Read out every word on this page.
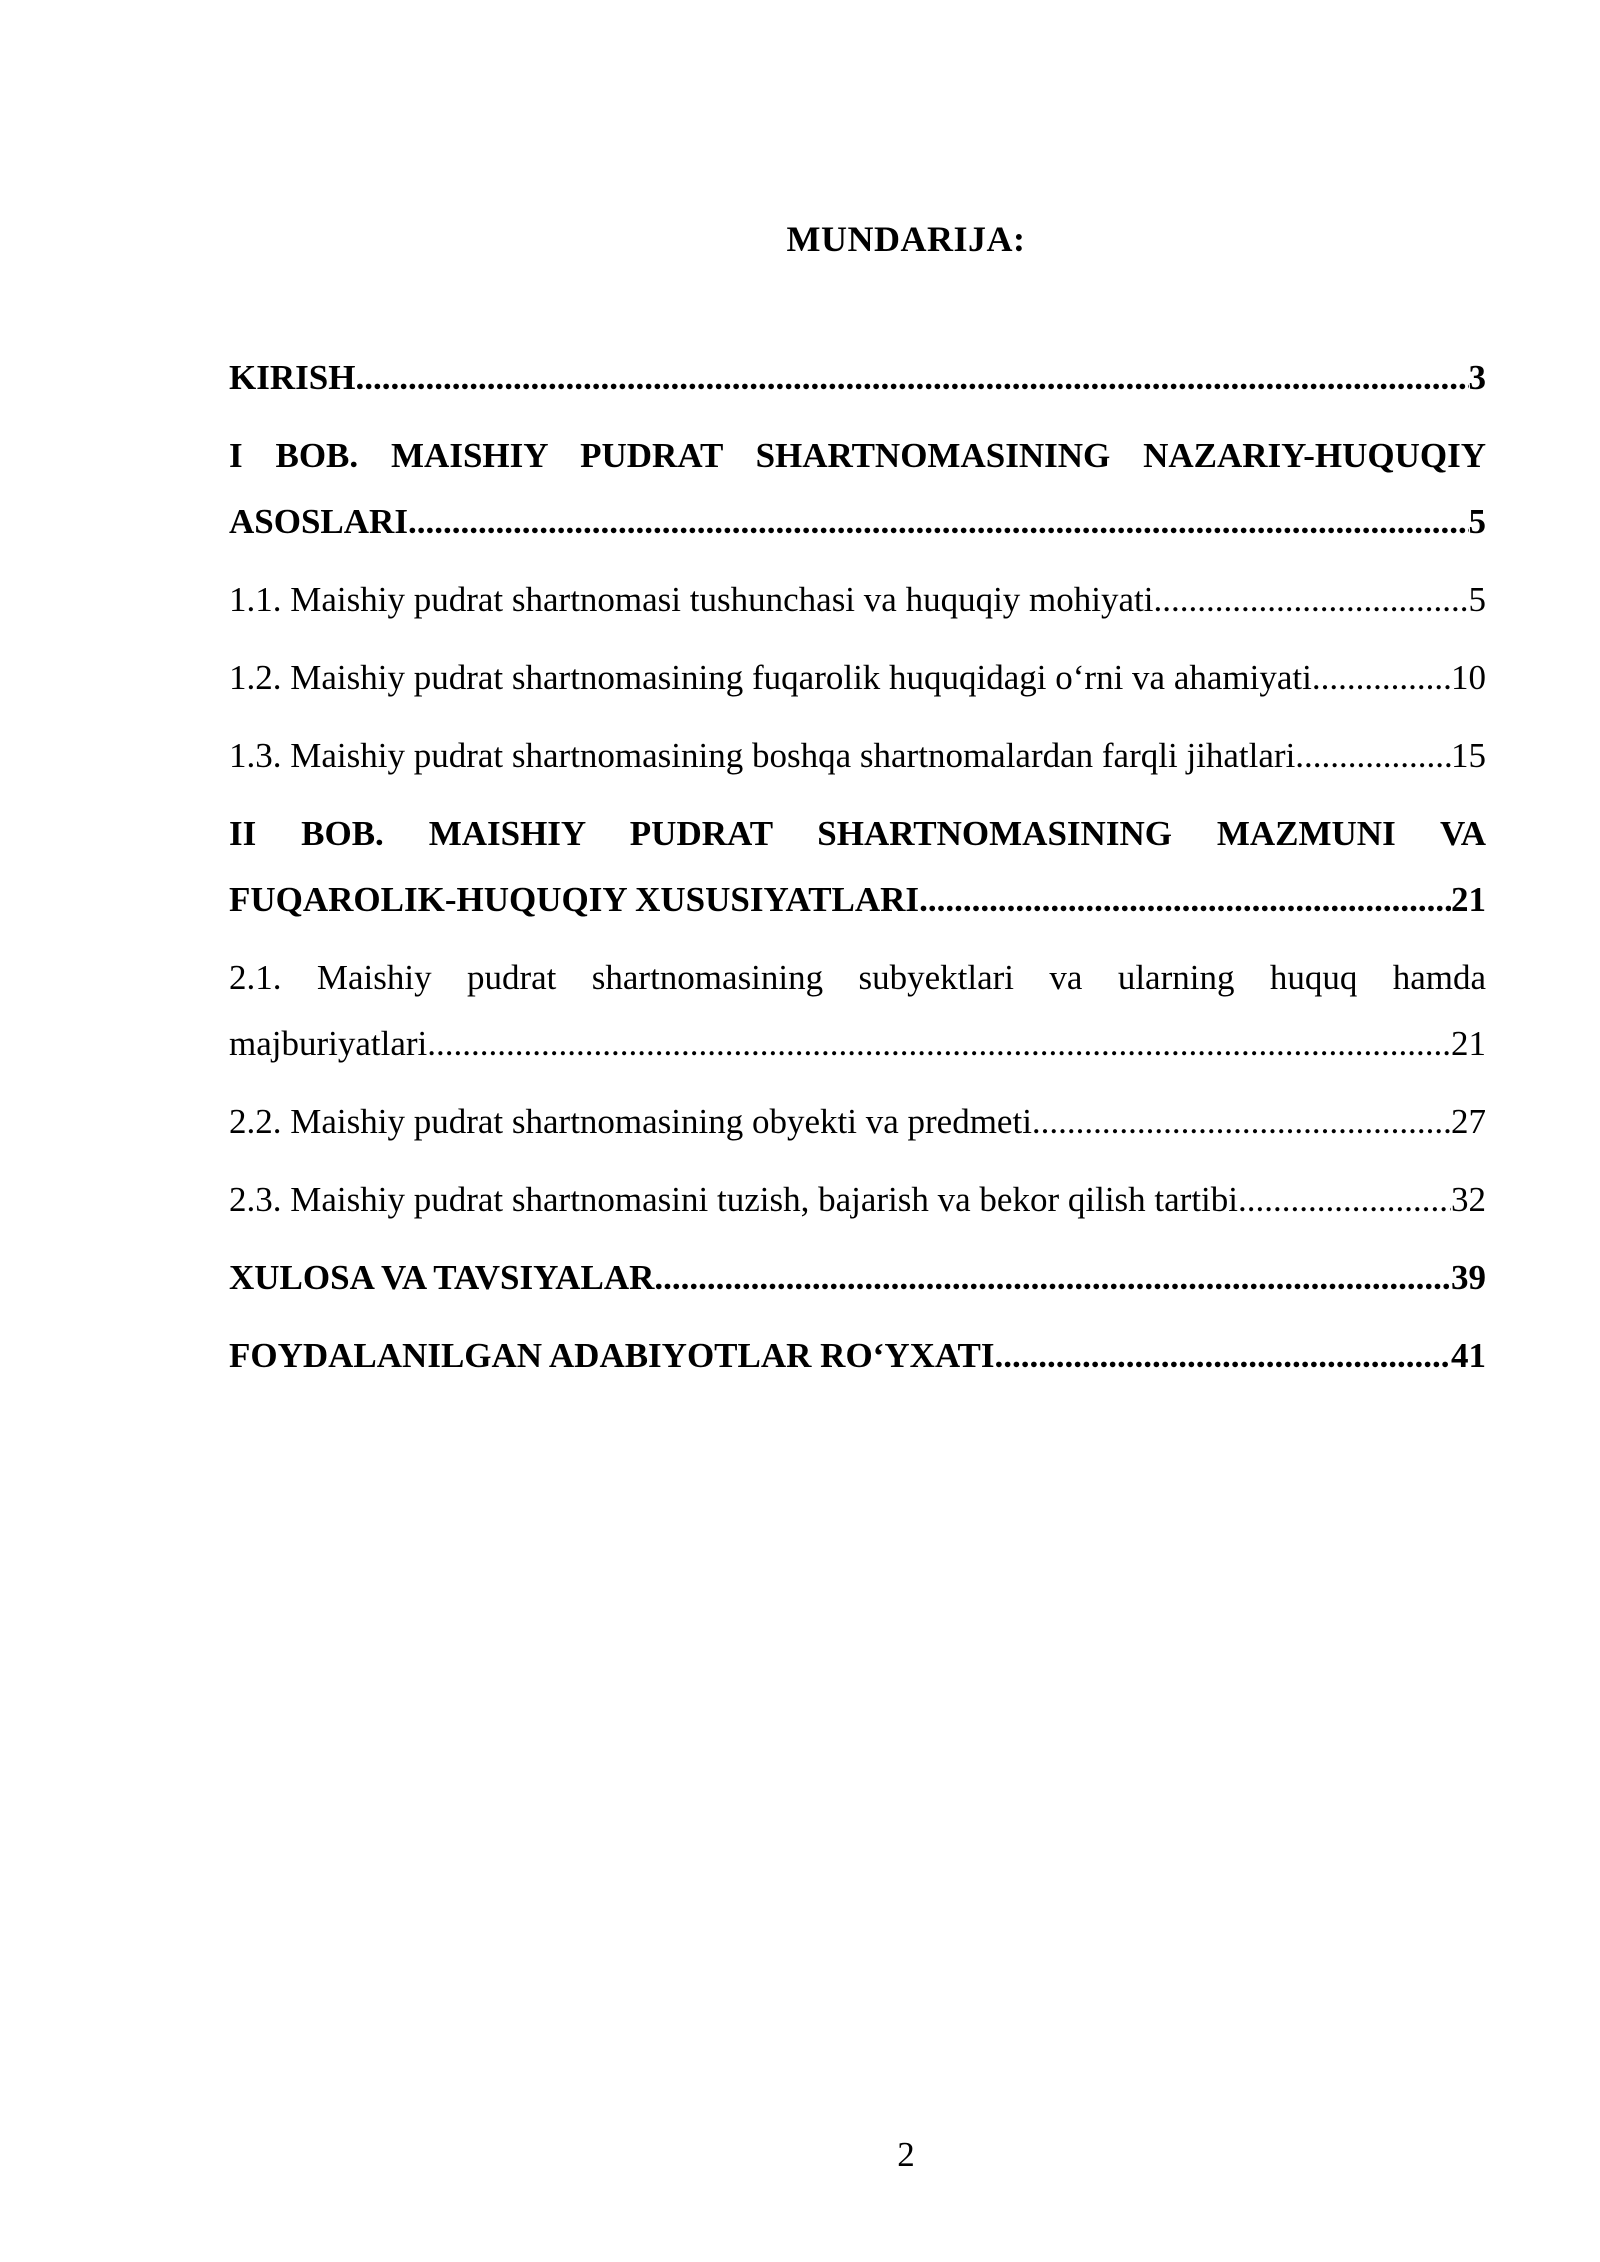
MUNDARIJA:
KIRISH .....	3
I BOB. MAISHIY PUDRAT SHARTNOMASINING NAZARIY-HUQUQIY
ASOSLARI .....	5
1.1. Maishiy pudrat shartnomasi tushunchasi va huquqiy mohiyati .....	5
1.2. Maishiy pudrat shartnomasining fuqarolik huquqidagi o‘rni va ahamiyati .....	10
1.3. Maishiy pudrat shartnomasining boshqa shartnomalardan farqli jihatlari .....	15
II BOB. MAISHIY PUDRAT SHARTNOMASINING MAZMUNI VA
FUQAROLIK-HUQUQIY XUSUSIYATLARI .....	21
2.1. Maishiy pudrat shartnomasining subyektlari va ularning huquq hamda
majburiyatlari .....	21
2.2. Maishiy pudrat shartnomasining obyekti va predmeti .....	27
2.3. Maishiy pudrat shartnomasini tuzish, bajarish va bekor qilish tartibi .....	32
XULOSA VA TAVSIYALAR .....	39
FOYDALANILGAN ADABIYOTLAR RO‘YXATI .....	41
2
